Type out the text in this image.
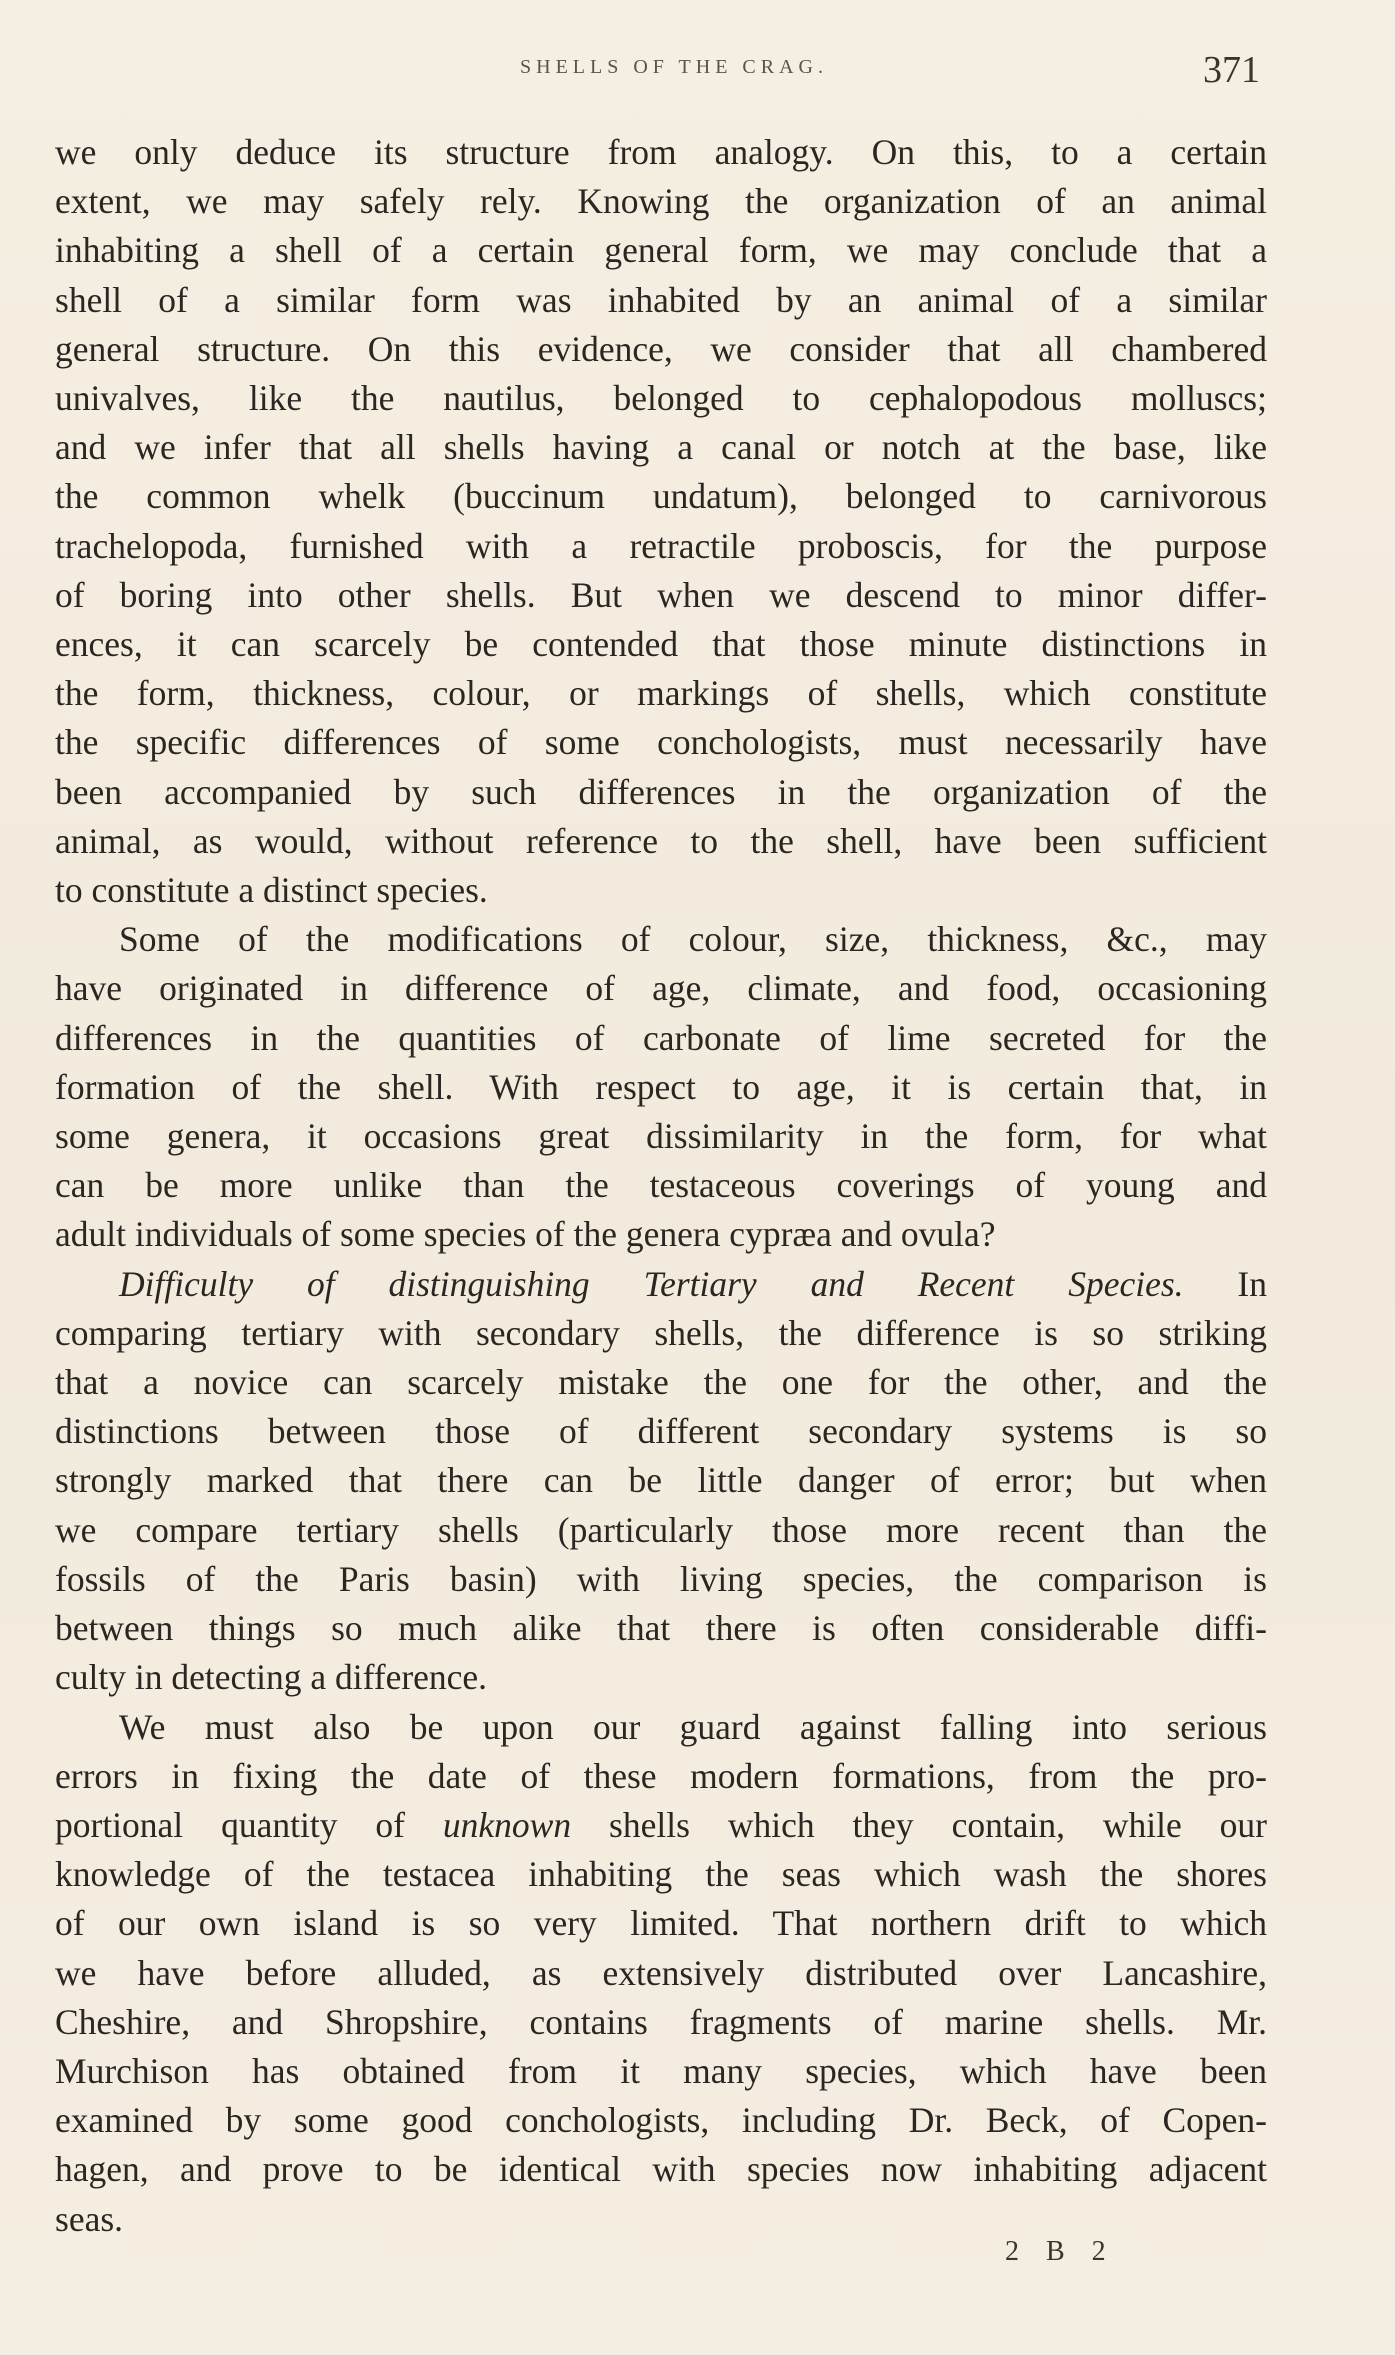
SHELLS OF THE CRAG.	371

we only deduce its structure from analogy. On this, to a certain
extent, we may safely rely. Knowing the organization of an animal
inhabiting a shell of a certain general form, we may conclude that a
shell of a similar form was inhabited by an animal of a similar
general structure. On this evidence, we consider that all chambered
univalves, like the nautilus, belonged to cephalopodous molluscs;
and we infer that all shells having a canal or notch at the base, like
the common whelk (buccinum undatum), belonged to carnivorous
trachelopoda, furnished with a retractile proboscis, for the purpose
of boring into other shells. But when we descend to minor differ-
ences, it can scarcely be contended that those minute distinctions in
the form, thickness, colour, or markings of shells, which constitute
the specific differences of some conchologists, must necessarily have
been accompanied by such differences in the organization of the
animal, as would, without reference to the shell, have been sufficient
to constitute a distinct species.

Some of the modifications of colour, size, thickness, &c., may
have originated in difference of age, climate, and food, occasioning
differences in the quantities of carbonate of lime secreted for the
formation of the shell. With respect to age, it is certain that, in
some genera, it occasions great dissimilarity in the form, for what
can be more unlike than the testaceous coverings of young and
adult individuals of some species of the genera cypræa and ovula?

Difficulty of distinguishing Tertiary and Recent Species. In
comparing tertiary with secondary shells, the difference is so striking
that a novice can scarcely mistake the one for the other, and the
distinctions between those of different secondary systems is so
strongly marked that there can be little danger of error; but when
we compare tertiary shells (particularly those more recent than the
fossils of the Paris basin) with living species, the comparison is
between things so much alike that there is often considerable diffi-
culty in detecting a difference.

We must also be upon our guard against falling into serious
errors in fixing the date of these modern formations, from the pro-
portional quantity of unknown shells which they contain, while our
knowledge of the testacea inhabiting the seas which wash the shores
of our own island is so very limited. That northern drift to which
we have before alluded, as extensively distributed over Lancashire,
Cheshire, and Shropshire, contains fragments of marine shells. Mr.
Murchison has obtained from it many species, which have been
examined by some good conchologists, including Dr. Beck, of Copen-
hagen, and prove to be identical with species now inhabiting adjacent
seas.

2 B 2
